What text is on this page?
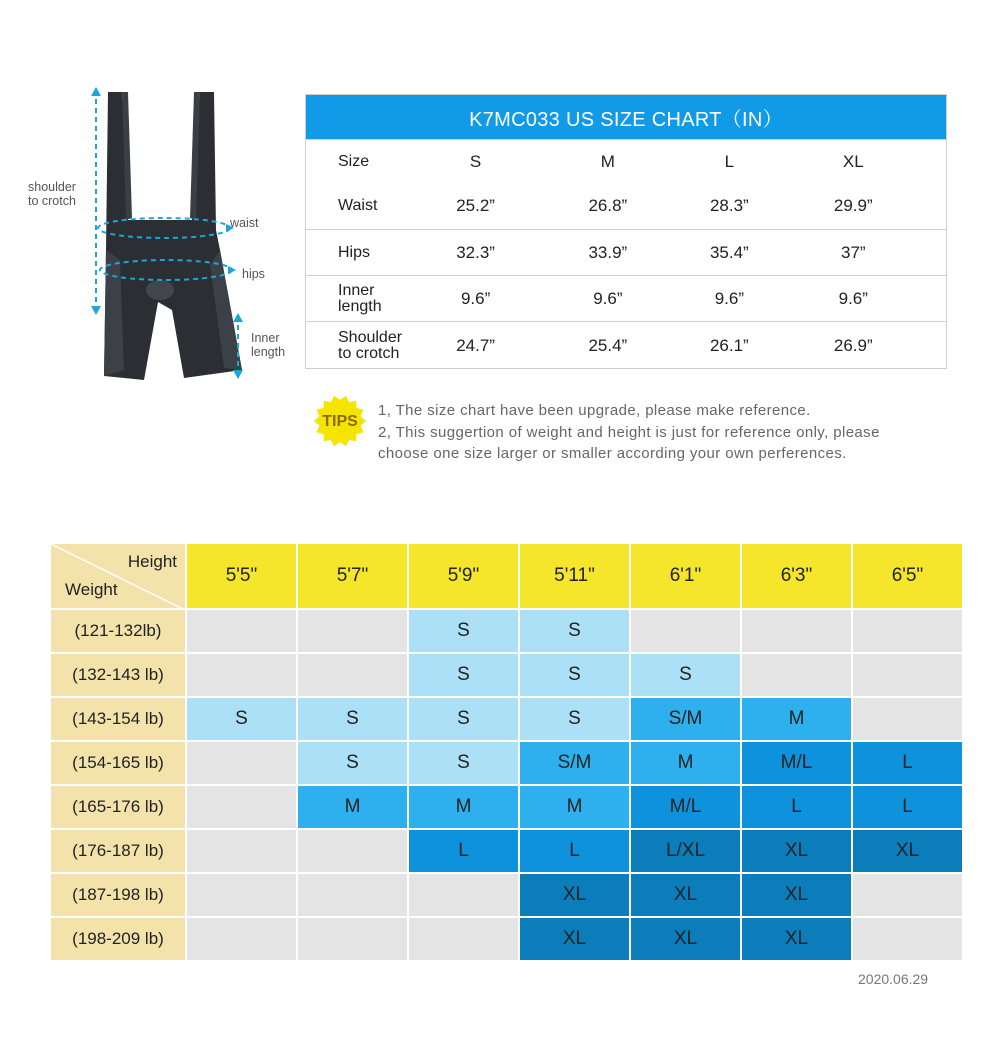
shoulder
to crotch
waist
hips
Inner
length
K7MC033 US SIZE CHART（IN）
Size	S	M	L	XL
Waist	25.2”	26.8”	28.3”	29.9”
Hips	32.3”	33.9”	35.4”	37”
Inner
length	9.6”	9.6”	9.6”	9.6”
Shoulder
to crotch	24.7”	25.4”	26.1”	26.9”
TIPS
1, The size chart have been upgrade, please make reference.
2, This suggertion of weight and height is just for reference only, please
choose one size larger or smaller according your own perferences.
Height
Weight	5'5"	5'7"	5'9"	5'11"	6'1"	6'3"	6'5"
(121-132lb)			S	S			
(132-143 lb)			S	S	S		
(143-154 lb)	S	S	S	S	S/M	M	
(154-165 lb)		S	S	S/M	M	M/L	L
(165-176 lb)		M	M	M	M/L	L	L
(176-187 lb)			L	L	L/XL	XL	XL
(187-198 lb)				XL	XL	XL	
(198-209 lb)				XL	XL	XL	
2020.06.29
